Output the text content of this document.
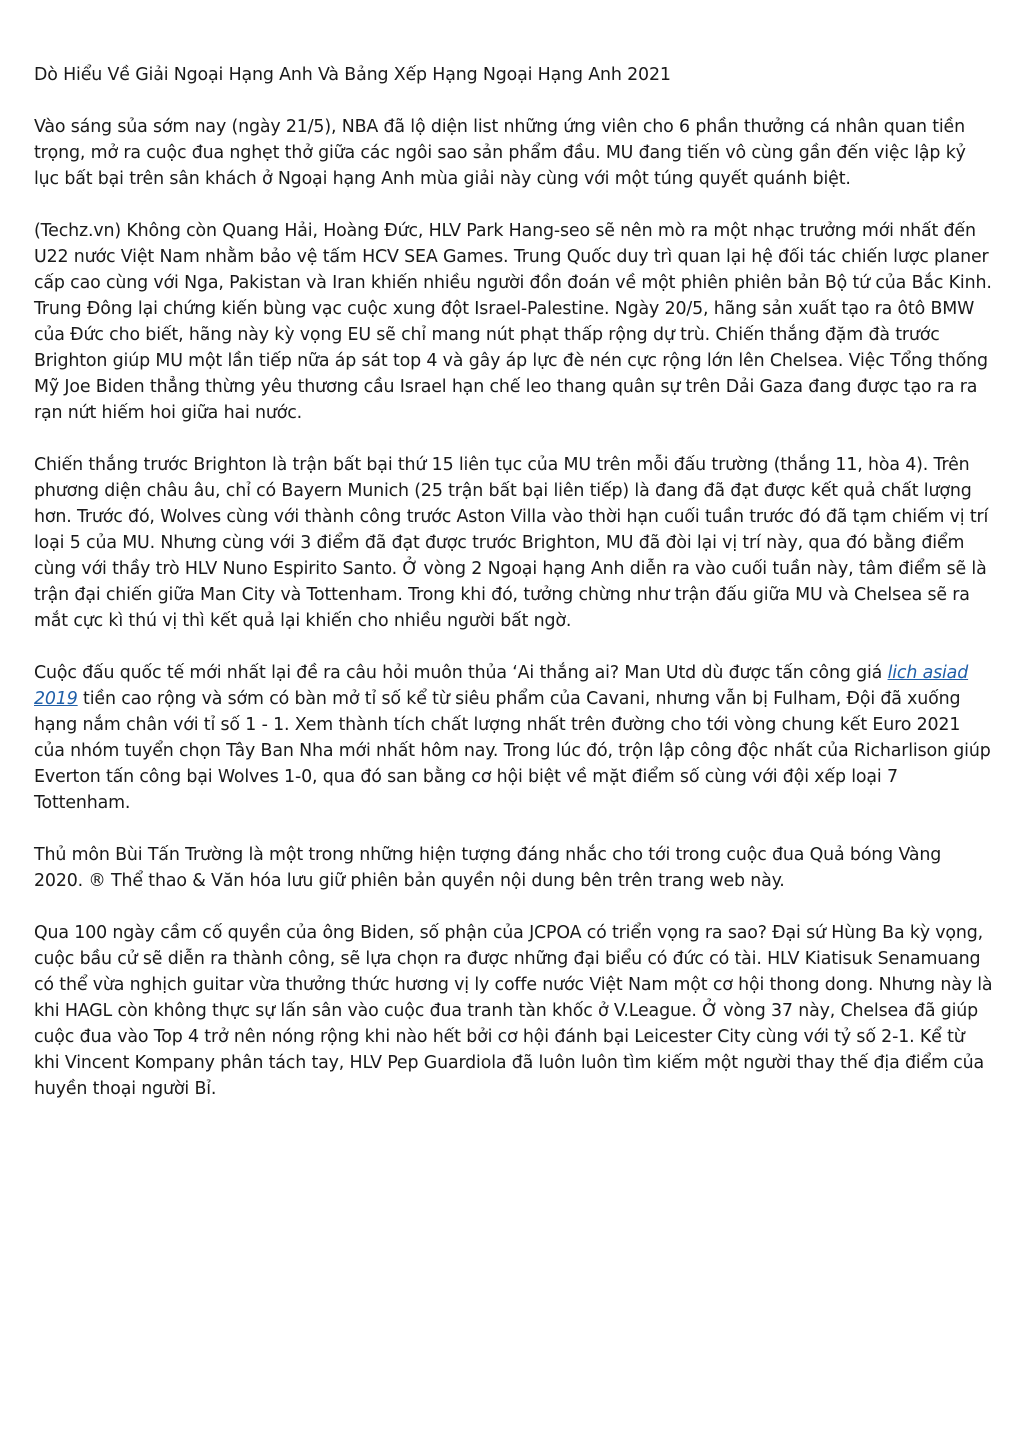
Dò Hiểu Về Giải Ngoại Hạng Anh Và Bảng Xếp Hạng Ngoại Hạng Anh 2021

Vào sáng sủa sớm nay (ngày 21/5), NBA đã lộ diện list những ứng viên cho 6 phần thưởng cá nhân quan tiền trọng, mở ra cuộc đua nghẹt thở giữa các ngôi sao sản phẩm đầu. MU đang tiến vô cùng gần đến việc lập kỷ lục bất bại trên sân khách ở Ngoại hạng Anh mùa giải này cùng với một túng quyết quánh biệt.

(Techz.vn) Không còn Quang Hải, Hoàng Đức, HLV Park Hang-seo sẽ nên mò ra một nhạc trưởng mới nhất đến U22 nước Việt Nam nhằm bảo vệ tấm HCV SEA Games. Trung Quốc duy trì quan lại hệ đối tác chiến lược planer cấp cao cùng với Nga, Pakistan và Iran khiến nhiều người đồn đoán về một phiên phiên bản Bộ tứ của Bắc Kinh. Trung Đông lại chứng kiến bùng vạc cuộc xung đột Israel-Palestine. Ngày 20/5, hãng sản xuất tạo ra ôtô BMW của Đức cho biết, hãng này kỳ vọng EU sẽ chỉ mang nút phạt thấp rộng dự trù. Chiến thắng đặm đà trước Brighton giúp MU một lần tiếp nữa áp sát top 4 và gây áp lực đè nén cực rộng lớn lên Chelsea. Việc Tổng thống Mỹ Joe Biden thẳng thừng yêu thương cầu Israel hạn chế leo thang quân sự trên Dải Gaza đang được tạo ra ra rạn nứt hiếm hoi giữa hai nước.

Chiến thắng trước Brighton là trận bất bại thứ 15 liên tục của MU trên mỗi đấu trường (thắng 11, hòa 4). Trên phương diện châu âu, chỉ có Bayern Munich (25 trận bất bại liên tiếp) là đang đã đạt được kết quả chất lượng hơn. Trước đó, Wolves cùng với thành công trước Aston Villa vào thời hạn cuối tuần trước đó đã tạm chiếm vị trí loại 5 của MU. Nhưng cùng với 3 điểm đã đạt được trước Brighton, MU đã đòi lại vị trí này, qua đó bằng điểm cùng với thầy trò HLV Nuno Espirito Santo. Ở vòng 2 Ngoại hạng Anh diễn ra vào cuối tuần này, tâm điểm sẽ là trận đại chiến giữa Man City và Tottenham. Trong khi đó, tưởng chừng như trận đấu giữa MU và Chelsea sẽ ra mắt cực kì thú vị thì kết quả lại khiến cho nhiều người bất ngờ.

Cuộc đấu quốc tế mới nhất lại đề ra câu hỏi muôn thủa ‘Ai thắng ai? Man Utd dù được tấn công giá lich asiad 2019 tiền cao rộng và sớm có bàn mở tỉ số kể từ siêu phẩm của Cavani, nhưng vẫn bị Fulham, Đội đã xuống hạng nắm chân với tỉ số 1 - 1. Xem thành tích chất lượng nhất trên đường cho tới vòng chung kết Euro 2021 của nhóm tuyển chọn Tây Ban Nha mới nhất hôm nay. Trong lúc đó, trộn lập công độc nhất của Richarlison giúp Everton tấn công bại Wolves 1-0, qua đó san bằng cơ hội biệt về mặt điểm số cùng với đội xếp loại 7 Tottenham.

Thủ môn Bùi Tấn Trường là một trong những hiện tượng đáng nhắc cho tới trong cuộc đua Quả bóng Vàng 2020. ® Thể thao & Văn hóa lưu giữ phiên bản quyền nội dung bên trên trang web này.

Qua 100 ngày cầm cố quyền của ông Biden, số phận của JCPOA có triển vọng ra sao? Đại sứ Hùng Ba kỳ vọng, cuộc bầu cử sẽ diễn ra thành công, sẽ lựa chọn ra được những đại biểu có đức có tài. HLV Kiatisuk Senamuang có thể vừa nghịch guitar vừa thưởng thức hương vị ly coffe nước Việt Nam một cơ hội thong dong. Nhưng này là khi HAGL còn không thực sự lấn sân vào cuộc đua tranh tàn khốc ở V.League. Ở vòng 37 này, Chelsea đã giúp cuộc đua vào Top 4 trở nên nóng rộng khi nào hết bởi cơ hội đánh bại Leicester City cùng với tỷ số 2-1. Kể từ khi Vincent Kompany phân tách tay, HLV Pep Guardiola đã luôn luôn tìm kiếm một người thay thế địa điểm của huyền thoại người Bỉ.
